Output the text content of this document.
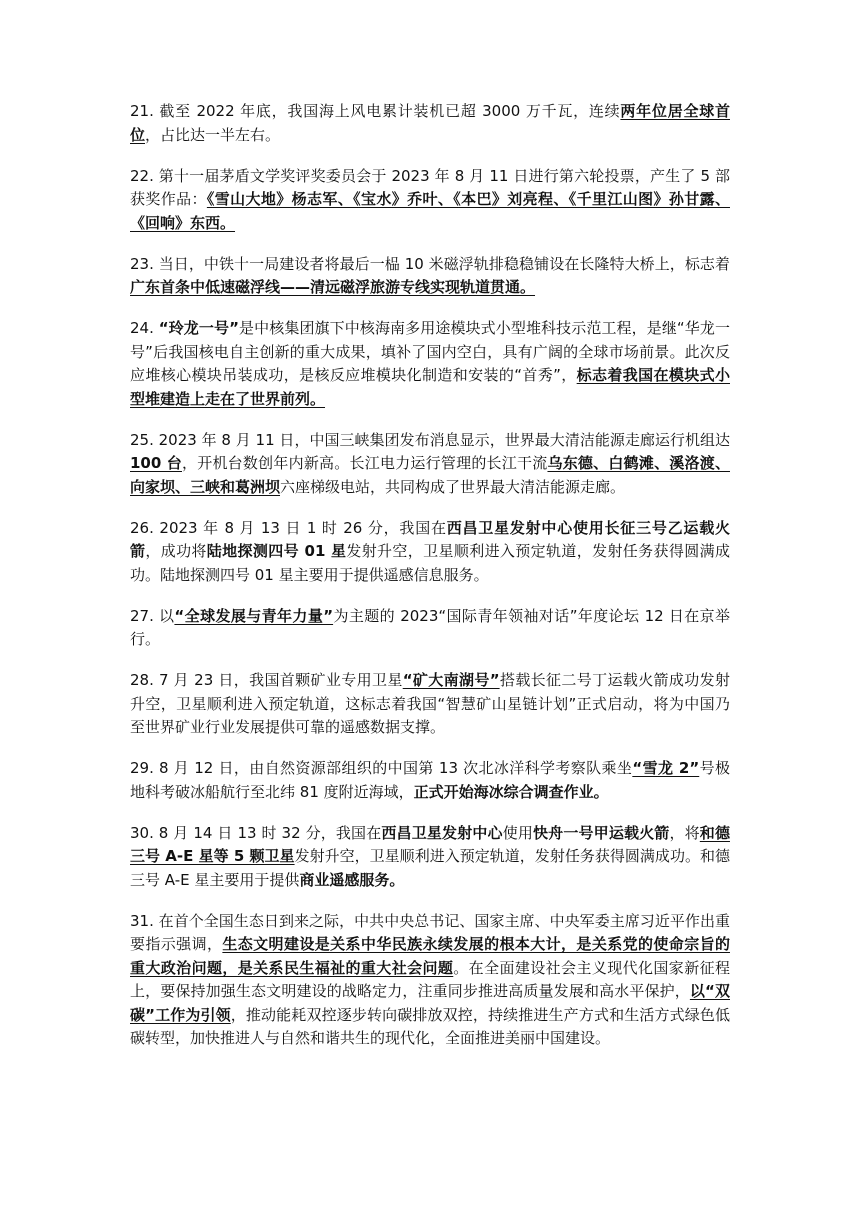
21. 截至 2022 年底，我国海上风电累计装机已超 3000 万千瓦，连续两年位居全球首位，占比达一半左右。

22. 第十一届茅盾文学奖评奖委员会于 2023 年 8 月 11 日进行第六轮投票，产生了 5 部获奖作品：《雪山大地》杨志军、《宝水》乔叶、《本巴》刘亮程、《千里江山图》孙甘露、《回响》东西。

23. 当日，中铁十一局建设者将最后一榀 10 米磁浮轨排稳稳铺设在长隆特大桥上，标志着广东首条中低速磁浮线——清远磁浮旅游专线实现轨道贯通。

24. “玲龙一号”是中核集团旗下中核海南多用途模块式小型堆科技示范工程，是继“华龙一号”后我国核电自主创新的重大成果，填补了国内空白，具有广阔的全球市场前景。此次反应堆核心模块吊装成功，是核反应堆模块化制造和安装的“首秀”，标志着我国在模块式小型堆建造上走在了世界前列。

25. 2023 年 8 月 11 日，中国三峡集团发布消息显示，世界最大清洁能源走廊运行机组达 100 台，开机台数创年内新高。长江电力运行管理的长江干流乌东德、白鹤滩、溪洛渡、向家坝、三峡和葛洲坝六座梯级电站，共同构成了世界最大清洁能源走廊。

26. 2023 年 8 月 13 日 1 时 26 分，我国在西昌卫星发射中心使用长征三号乙运载火箭，成功将陆地探测四号 01 星发射升空，卫星顺利进入预定轨道，发射任务获得圆满成功。陆地探测四号 01 星主要用于提供遥感信息服务。

27. 以“全球发展与青年力量”为主题的 2023“国际青年领袖对话”年度论坛 12 日在京举行。

28. 7 月 23 日，我国首颗矿业专用卫星“矿大南湖号”搭载长征二号丁运载火箭成功发射升空，卫星顺利进入预定轨道，这标志着我国“智慧矿山星链计划”正式启动，将为中国乃至世界矿业行业发展提供可靠的遥感数据支撑。

29. 8 月 12 日，由自然资源部组织的中国第 13 次北冰洋科学考察队乘坐“雪龙 2”号极地科考破冰船航行至北纬 81 度附近海域，正式开始海冰综合调查作业。

30. 8 月 14 日 13 时 32 分，我国在西昌卫星发射中心使用快舟一号甲运载火箭，将和德三号 A-E 星等 5 颗卫星发射升空，卫星顺利进入预定轨道，发射任务获得圆满成功。和德三号 A-E 星主要用于提供商业遥感服务。

31. 在首个全国生态日到来之际，中共中央总书记、国家主席、中央军委主席习近平作出重要指示强调，生态文明建设是关系中华民族永续发展的根本大计，是关系党的使命宗旨的重大政治问题，是关系民生福祉的重大社会问题。在全面建设社会主义现代化国家新征程上，要保持加强生态文明建设的战略定力，注重同步推进高质量发展和高水平保护，以“双碳”工作为引领，推动能耗双控逐步转向碳排放双控，持续推进生产方式和生活方式绿色低碳转型，加快推进人与自然和谐共生的现代化，全面推进美丽中国建设。
